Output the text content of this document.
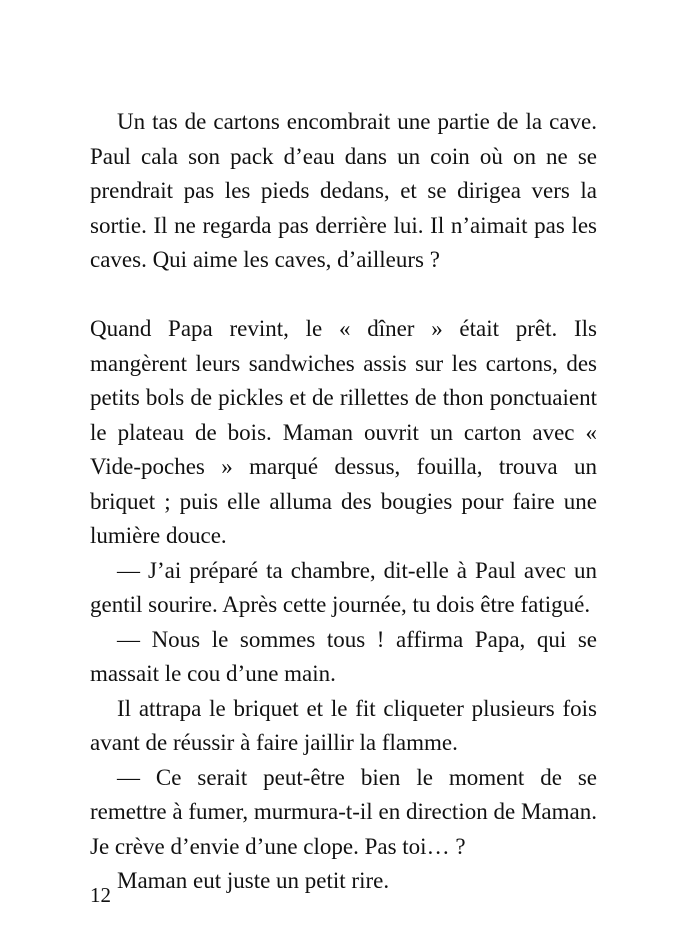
Un tas de cartons encombrait une partie de la cave. Paul cala son pack d’eau dans un coin où on ne se prendrait pas les pieds dedans, et se dirigea vers la sortie. Il ne regarda pas derrière lui. Il n’aimait pas les caves. Qui aime les caves, d’ailleurs ?

Quand Papa revint, le « dîner » était prêt. Ils mangèrent leurs sandwiches assis sur les cartons, des petits bols de pickles et de rillettes de thon ponctuaient le plateau de bois. Maman ouvrit un carton avec « Vide-poches » marqué dessus, fouilla, trouva un briquet ; puis elle alluma des bougies pour faire une lumière douce.

— J’ai préparé ta chambre, dit-elle à Paul avec un gentil sourire. Après cette journée, tu dois être fatigué.

— Nous le sommes tous ! affirma Papa, qui se massait le cou d’une main.

Il attrapa le briquet et le fit cliqueter plusieurs fois avant de réussir à faire jaillir la flamme.

— Ce serait peut-être bien le moment de se remettre à fumer, murmura-t-il en direction de Maman. Je crève d’envie d’une clope. Pas toi… ?

Maman eut juste un petit rire.

12
